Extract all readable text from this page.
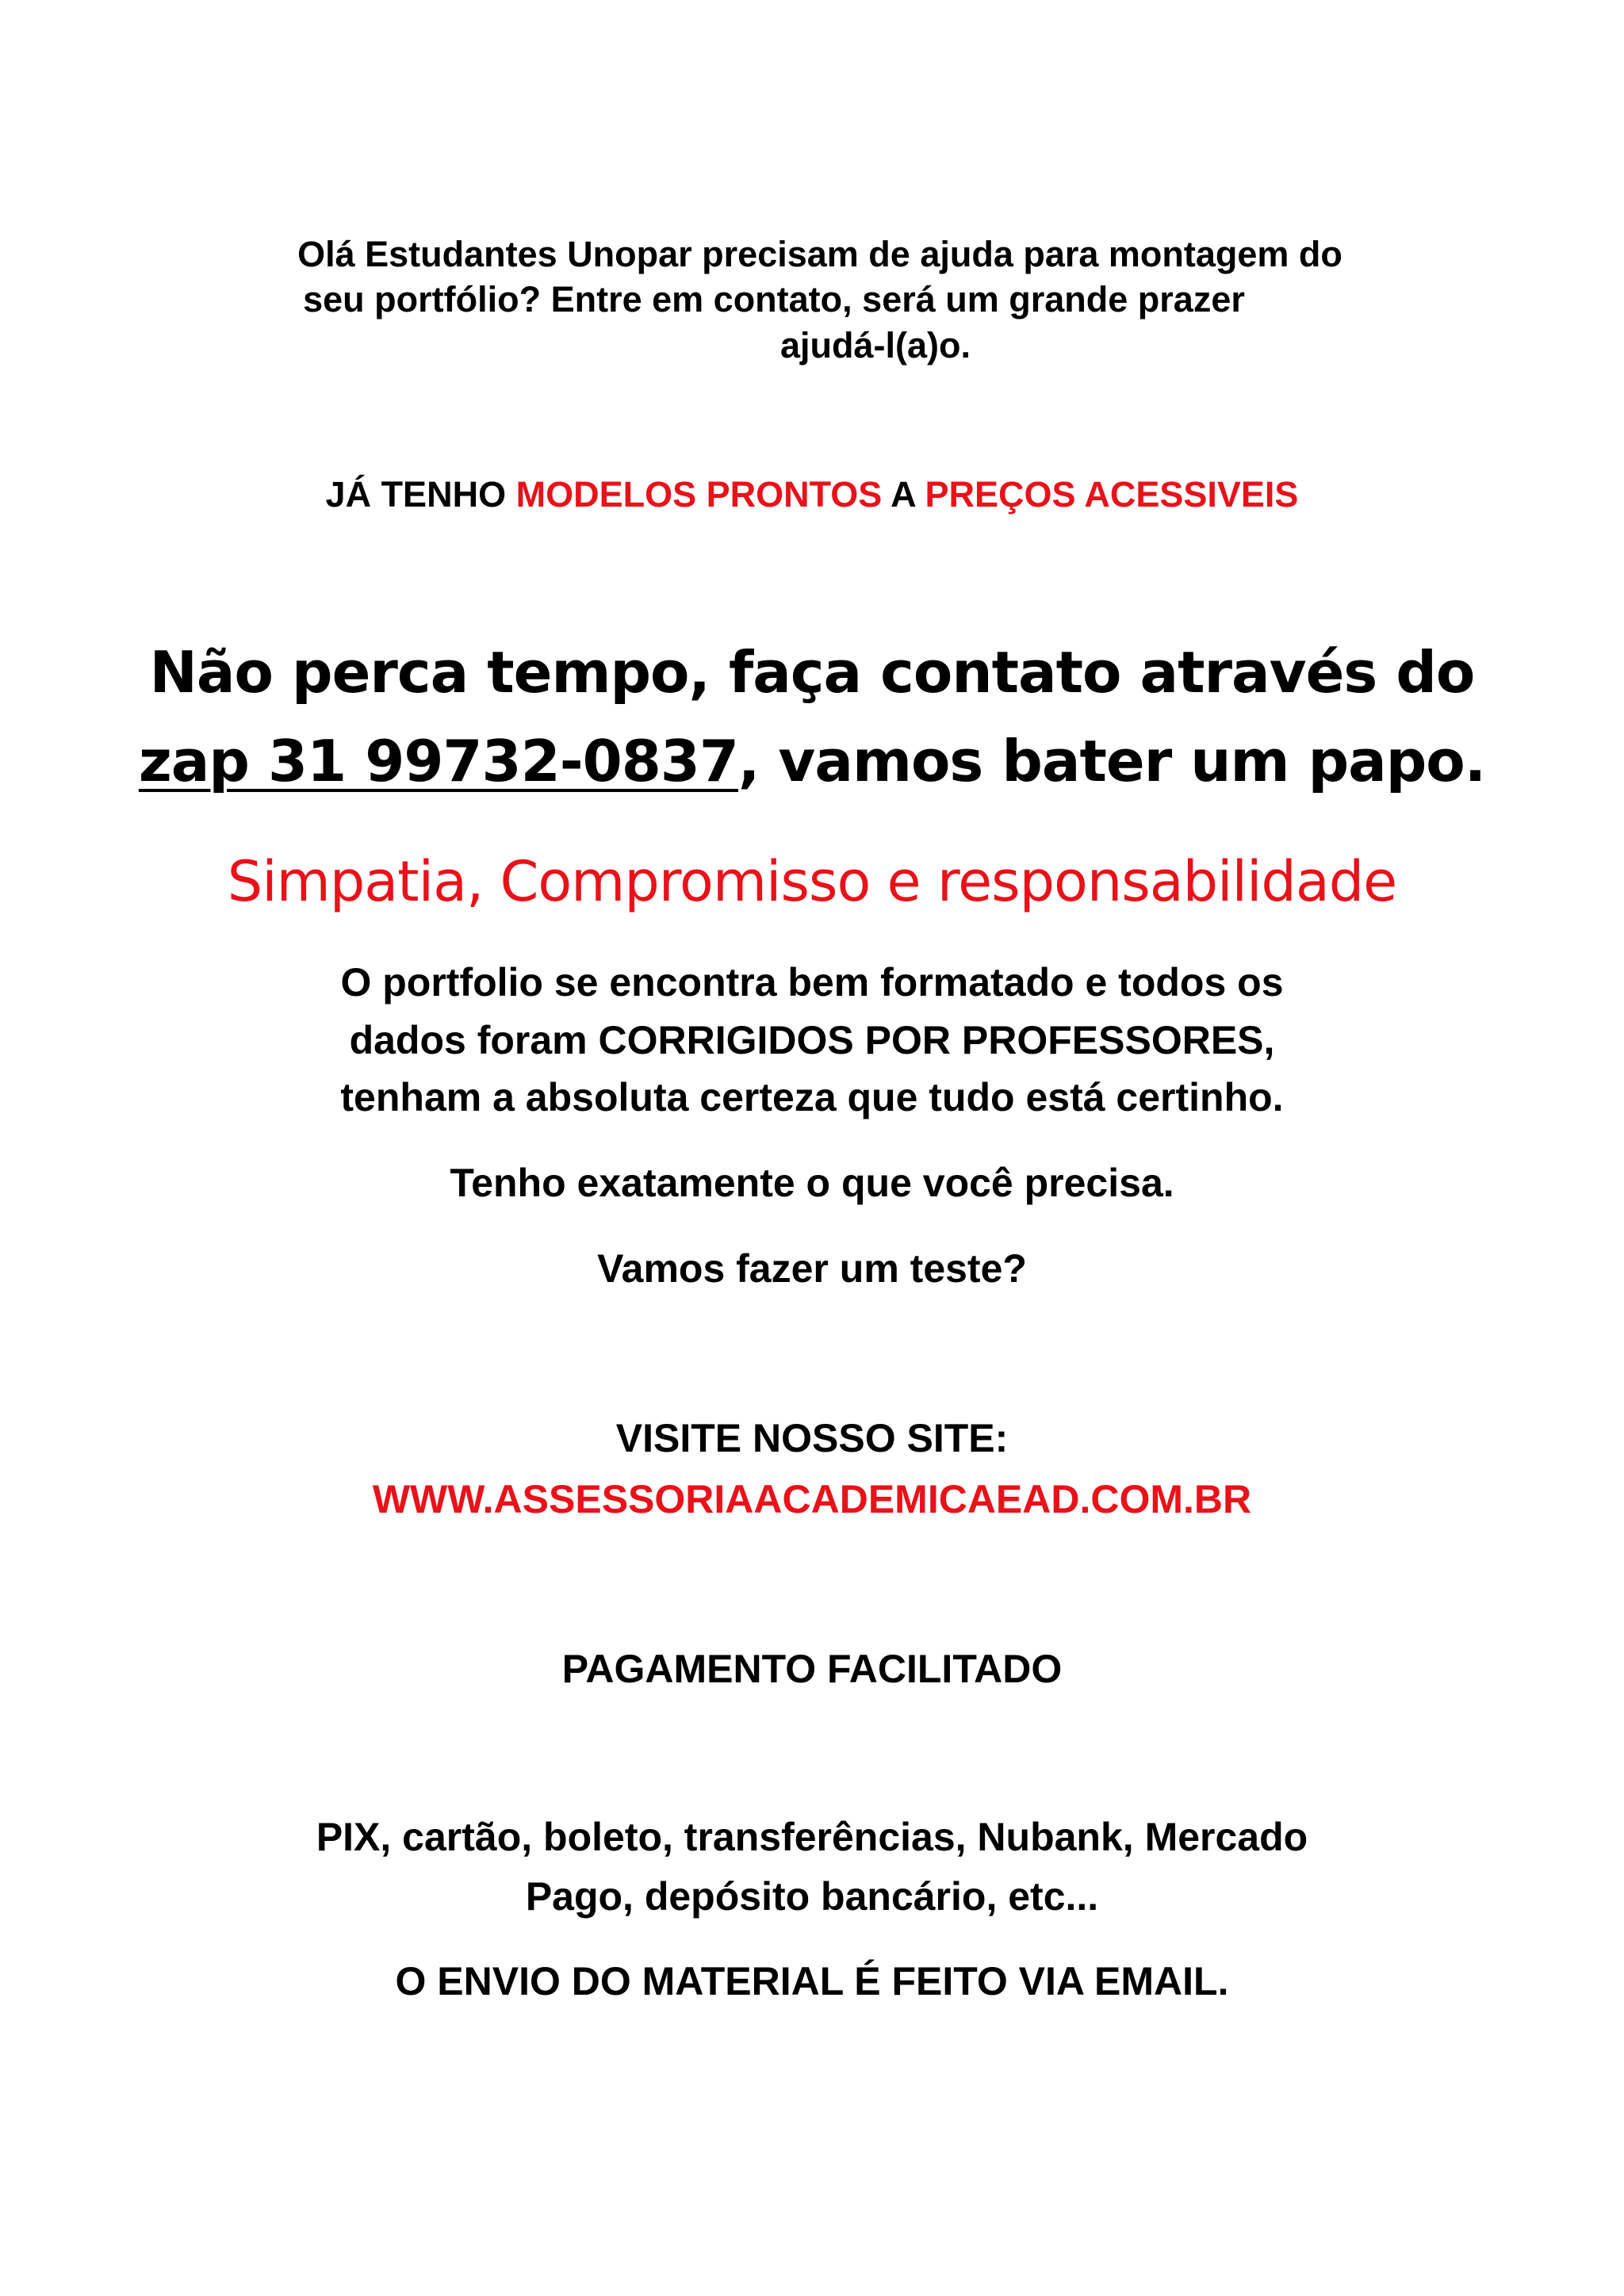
Olá Estudantes Unopar precisam de ajuda para montagem do
seu portfólio? Entre em contato, será um grande prazer
ajudá-l(a)o.
JÁ TENHO MODELOS PRONTOS A PREÇOS ACESSIVEIS
Não perca tempo, faça contato através do
zap 31 99732-0837, vamos bater um papo.
Simpatia, Compromisso e responsabilidade
O portfolio se encontra bem formatado e todos os
dados foram CORRIGIDOS POR PROFESSORES,
tenham a absoluta certeza que tudo está certinho.
Tenho exatamente o que você precisa.
Vamos fazer um teste?
VISITE NOSSO SITE:
WWW.ASSESSORIAACADEMICAEAD.COM.BR
PAGAMENTO FACILITADO
PIX, cartão, boleto, transferências, Nubank, Mercado
Pago, depósito bancário, etc...
O ENVIO DO MATERIAL É FEITO VIA EMAIL.
